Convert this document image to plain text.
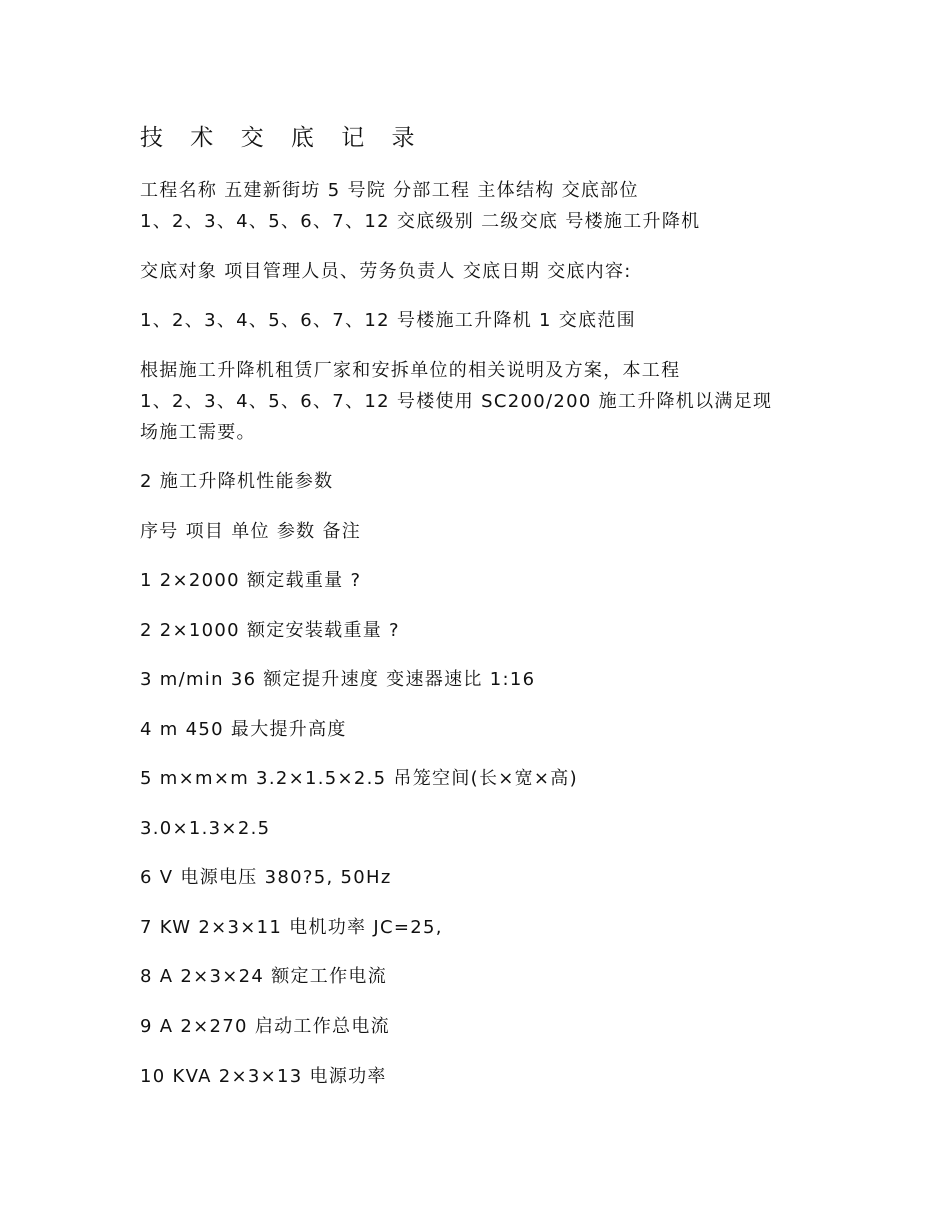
技 术 交 底 记 录

工程名称 五建新街坊 5 号院 分部工程 主体结构 交底部位

1、2、3、4、5、6、7、12 交底级别 二级交底 号楼施工升降机

交底对象 项目管理人员、劳务负责人 交底日期 交底内容:

1、2、3、4、5、6、7、12 号楼施工升降机 1 交底范围

根据施工升降机租赁厂家和安拆单位的相关说明及方案，本工程

1、2、3、4、5、6、7、12 号楼使用 SC200/200 施工升降机以满足现

场施工需要。

2 施工升降机性能参数

序号 项目 单位 参数 备注

1 2×2000 额定载重量 ?

2 2×1000 额定安装载重量 ?

3 m/min 36 额定提升速度 变速器速比 1:16

4 m 450 最大提升高度

5 m×m×m 3.2×1.5×2.5 吊笼空间(长×宽×高)

3.0×1.3×2.5

6 V 电源电压 380?5, 50Hz

7 KW 2×3×11 电机功率 JC=25,

8 A 2×3×24 额定工作电流

9 A 2×270 启动工作总电流

10 KVA 2×3×13 电源功率
